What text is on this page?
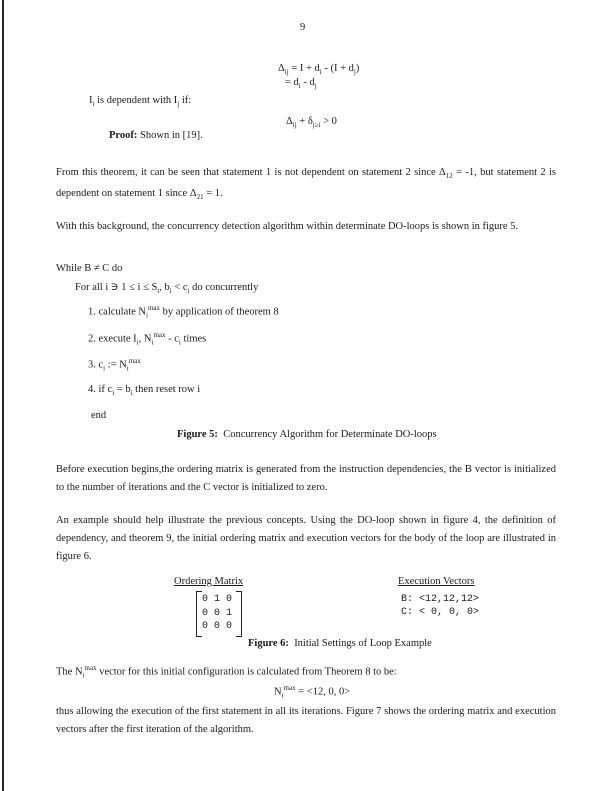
9
$\Delta_{ij} = I + d_i - (I + d_j)$
= $d_i - d_j$
$I_i$ is dependent with $I_j$ if:
$\Delta_{ij} + \delta_{j\ge i} > 0$
Proof: Shown in [19].
From this theorem, it can be seen that statement 1 is not dependent on statement 2 since $\Delta_{12} = -1$, but statement 2 is dependent on statement 1 since $\Delta_{21} = 1$.
With this background, the concurrency detection algorithm within determinate DO-loops is shown in figure 5.
While B ≠ C do
For all i ∋ $1 \le i \le S_t$, $b_i < c_i$ do concurrently
1. calculate $N_i^{max}$ by application of theorem 8
2. execute $I_i$, $N_i^{max} - c_i$ times
3. $c_i$ := $N_i^{max}$
4. if $c_i = b_i$ then reset row i
end
Figure 5:  Concurrency Algorithm for Determinate DO-loops
Before execution begins,the ordering matrix is generated from the instruction dependencies, the B vector is initialized to the number of iterations and the C vector is initialized to zero.
An example should help illustrate the previous concepts. Using the DO-loop shown in figure 4, the definition of dependency, and theorem 9, the initial ordering matrix and execution vectors for the body of the loop are illustrated in figure 6.
Ordering Matrix	Execution Vectors
0 1 0
0 0 1
0 0 0
B: <12,12,12>
C: < 0, 0, 0>
Figure 6:  Initial Settings of Loop Example
The $N_i^{max}$ vector for this initial configuration is calculated from Theorem 8 to be:
$N_i^{max} = <12$, 0, 0>
thus allowing the execution of the first statement in all its iterations. Figure 7 shows the ordering matrix and execution vectors after the first iteration of the algorithm.
